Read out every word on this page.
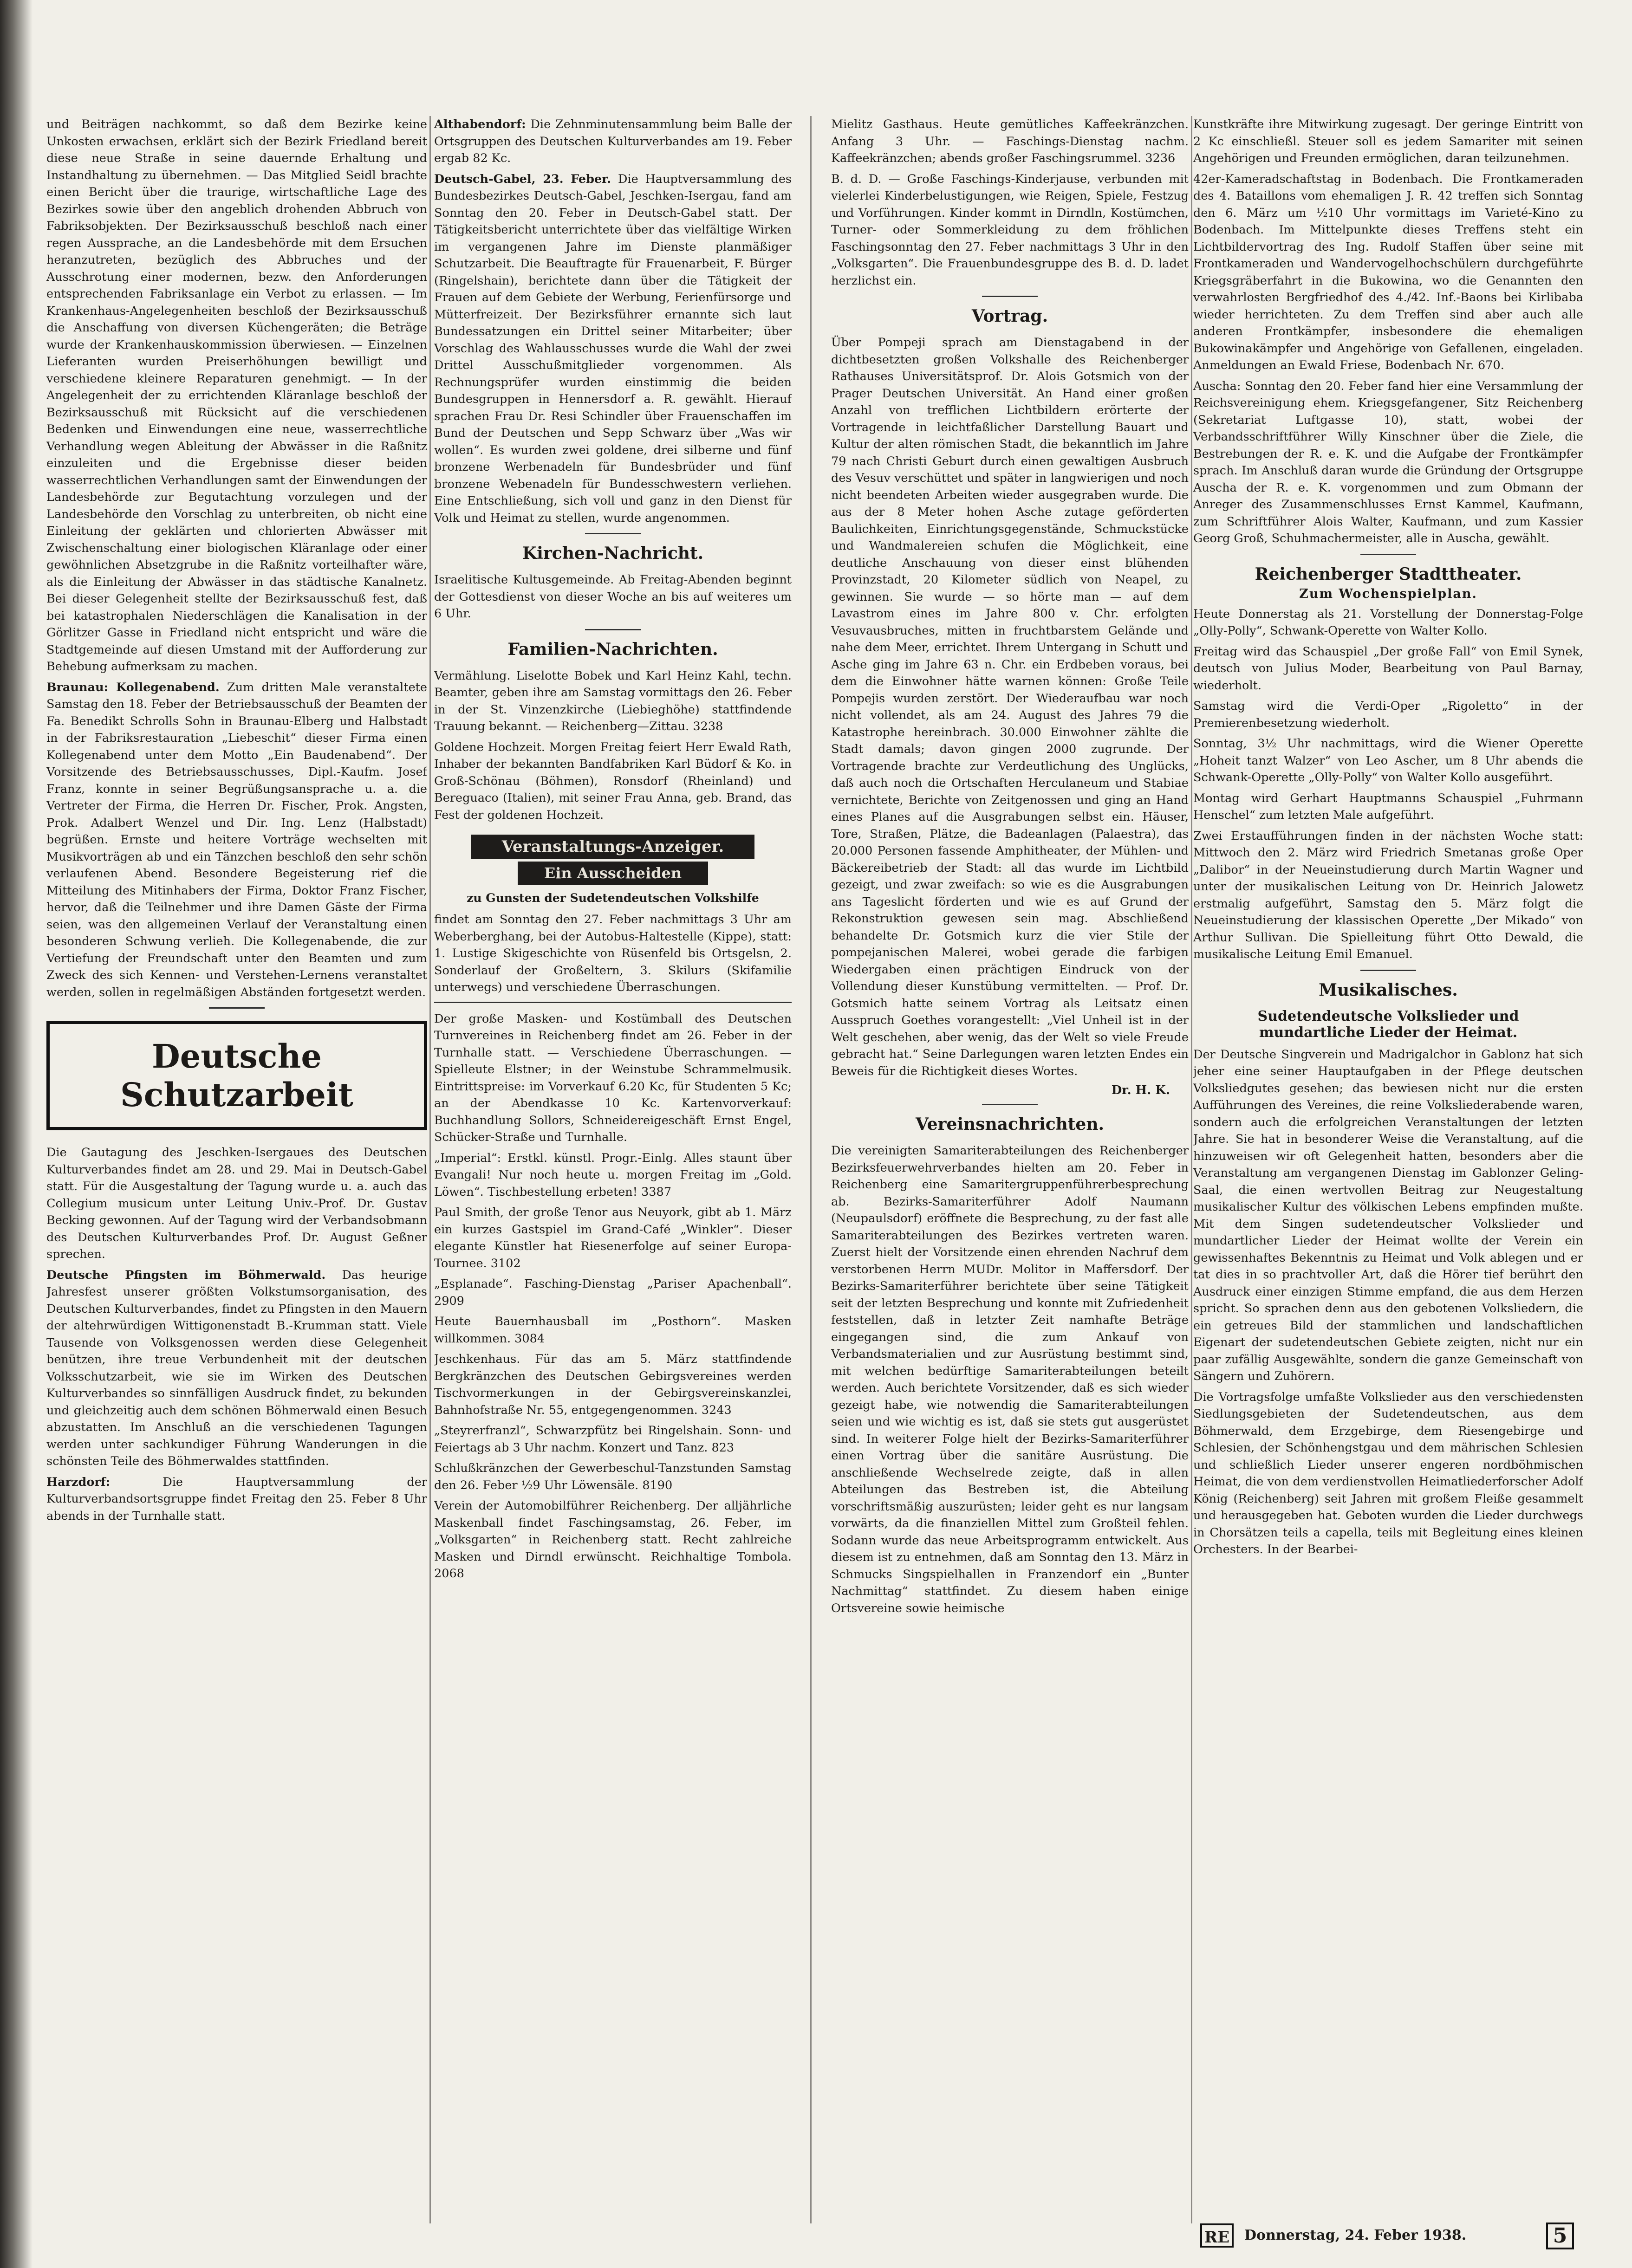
und Beiträgen nachkommt, so daß dem Bezirke keine Unkosten erwachsen, erklärt sich der Bezirk Friedland bereit diese neue Straße in seine dauernde Erhaltung und Instandhaltung zu übernehmen. — Das Mitglied Seidl brachte einen Bericht über die traurige, wirtschaftliche Lage des Bezirkes sowie über den angeblich drohenden Abbruch von Fabriksobjekten. Der Bezirksausschuß beschloß nach einer regen Aussprache, an die Landesbehörde mit dem Ersuchen heranzutreten, bezüglich des Abbruches und der Ausschrotung einer modernen, bezw. den Anforderungen entsprechenden Fabriksanlage ein Verbot zu erlassen. — Im Krankenhaus-Angelegenheiten beschloß der Bezirksausschuß die Anschaffung von diversen Küchengeräten; die Beträge wurde der Krankenhauskommission überwiesen. — Einzelnen Lieferanten wurden Preiserhöhungen bewilligt und verschiedene kleinere Reparaturen genehmigt. — In der Angelegenheit der zu errichtenden Kläranlage beschloß der Bezirksausschuß mit Rücksicht auf die verschiedenen Bedenken und Einwendungen eine neue, wasserrechtliche Verhandlung wegen Ableitung der Abwässer in die Raßnitz einzuleiten und die Ergebnisse dieser beiden wasserrechtlichen Verhandlungen samt der Einwendungen der Landesbehörde zur Begutachtung vorzulegen und der Landesbehörde den Vorschlag zu unterbreiten, ob nicht eine Einleitung der geklärten und chlorierten Abwässer mit Zwischenschaltung einer biologischen Kläranlage oder einer gewöhnlichen Absetzgrube in die Raßnitz vorteilhafter wäre, als die Einleitung der Abwässer in das städtische Kanalnetz. Bei dieser Gelegenheit stellte der Bezirksausschuß fest, daß bei katastrophalen Niederschlägen die Kanalisation in der Görlitzer Gasse in Friedland nicht entspricht und wäre die Stadtgemeinde auf diesen Umstand mit der Aufforderung zur Behebung aufmerksam zu machen.

Braunau: Kollegenabend. Zum dritten Male veranstaltete Samstag den 18. Feber der Betriebsausschuß der Beamten der Fa. Benedikt Schrolls Sohn in Braunau-Elberg und Halbstadt in der Fabriksrestauration „Liebeschit“ dieser Firma einen Kollegenabend unter dem Motto „Ein Baudenabend“. Der Vorsitzende des Betriebsausschusses, Dipl.-Kaufm. Josef Franz, konnte in seiner Begrüßungsansprache u. a. die Vertreter der Firma, die Herren Dr. Fischer, Prok. Angsten, Prok. Adalbert Wenzel und Dir. Ing. Lenz (Halbstadt) begrüßen. Ernste und heitere Vorträge wechselten mit Musikvorträgen ab und ein Tänzchen beschloß den sehr schön verlaufenen Abend. Besondere Begeisterung rief die Mitteilung des Mitinhabers der Firma, Doktor Franz Fischer, hervor, daß die Teilnehmer und ihre Damen Gäste der Firma seien, was den allgemeinen Verlauf der Veranstaltung einen besonderen Schwung verlieh. Die Kollegenabende, die zur Vertiefung der Freundschaft unter den Beamten und zum Zweck des sich Kennen- und Verstehen-Lernens veranstaltet werden, sollen in regelmäßigen Abständen fortgesetzt werden.

Deutsche Schutzarbeit

Die Gautagung des Jeschken-Isergaues des Deutschen Kulturverbandes findet am 28. und 29. Mai in Deutsch-Gabel statt. Für die Ausgestaltung der Tagung wurde u. a. auch das Collegium musicum unter Leitung Univ.-Prof. Dr. Gustav Becking gewonnen. Auf der Tagung wird der Verbandsobmann des Deutschen Kulturverbandes Prof. Dr. August Geßner sprechen.

Deutsche Pfingsten im Böhmerwald. Das heurige Jahresfest unserer größten Volkstumsorganisation, des Deutschen Kulturverbandes, findet zu Pfingsten in den Mauern der altehrwürdigen Wittigonenstadt B.-Krumman statt. Viele Tausende von Volksgenossen werden diese Gelegenheit benützen, ihre treue Verbundenheit mit der deutschen Volksschutzarbeit, wie sie im Wirken des Deutschen Kulturverbandes so sinnfälligen Ausdruck findet, zu bekunden und gleichzeitig auch dem schönen Böhmerwald einen Besuch abzustatten. Im Anschluß an die verschiedenen Tagungen werden unter sachkundiger Führung Wanderungen in die schönsten Teile des Böhmerwaldes stattfinden.

Harzdorf:	Die Hauptversammlung der Kulturverbandsortsgruppe findet Freitag den 25. Feber 8 Uhr abends in der Turnhalle statt.

Althabendorf: Die Zehnminutensammlung beim Balle der Ortsgruppen des Deutschen Kulturverbandes am 19. Feber ergab 82 Kc.

Deutsch-Gabel, 23. Feber. Die Hauptversammlung des Bundesbezirkes Deutsch-Gabel, Jeschken-Isergau, fand am Sonntag den 20. Feber in Deutsch-Gabel statt. Der Tätigkeitsbericht unterrichtete über das vielfältige Wirken im vergangenen Jahre im Dienste planmäßiger Schutzarbeit. Die Beauftragte für Frauenarbeit, F. Bürger (Ringelshain), berichtete dann über die Tätigkeit der Frauen auf dem Gebiete der Werbung, Ferienfürsorge und Mütterfreizeit. Der Bezirksführer ernannte sich laut Bundessatzungen ein Drittel seiner Mitarbeiter; über Vorschlag des Wahlausschusses wurde die Wahl der zwei Drittel Ausschußmitglieder vorgenommen. Als Rechnungsprüfer wurden einstimmig die beiden Bundesgruppen in Hennersdorf a. R. gewählt. Hierauf sprachen Frau Dr. Resi Schindler über Frauenschaffen im Bund der Deutschen und Sepp Schwarz über „Was wir wollen“. Es wurden zwei goldene, drei silberne und fünf bronzene Werbenadeln für Bundesbrüder und fünf bronzene Webenadeln für Bundesschwestern verliehen. Eine Entschließung, sich voll und ganz in den Dienst für Volk und Heimat zu stellen, wurde angenommen.

Kirchen-Nachricht.

Israelitische Kultusgemeinde. Ab Freitag-Abenden beginnt der Gottesdienst von dieser Woche an bis auf weiteres um 6 Uhr.

Familien-Nachrichten.

Vermählung. Liselotte Bobek und Karl Heinz Kahl, techn. Beamter, geben ihre am Samstag vormittags den 26. Feber in der St. Vinzenzkirche (Liebieghöhe) stattfindende Trauung bekannt. — Reichenberg—Zittau. 3238

Goldene Hochzeit. Morgen Freitag feiert Herr Ewald Rath, Inhaber der bekannten Bandfabriken Karl Büdorf & Ko. in Groß-Schönau (Böhmen), Ronsdorf (Rheinland) und Bereguaco (Italien), mit seiner Frau Anna, geb. Brand, das Fest der goldenen Hochzeit.

Veranstaltungs-Anzeiger.
Ein Ausscheiden
zu Gunsten der Sudetendeutschen Volkshilfe

findet am Sonntag den 27. Feber nachmittags 3 Uhr am Weberberghang, bei der Autobus-Haltestelle (Kippe), statt: 1. Lustige Skigeschichte von Rüsenfeld bis Ortsgelsn, 2. Sonderlauf der Großeltern, 3. Skilurs (Skifamilie unterwegs) und verschiedene Überraschungen.

Der große Masken- und Kostümball des Deutschen Turnvereines in Reichenberg findet am 26. Feber in der Turnhalle statt. — Verschiedene Überraschungen. — Spielleute Elstner; in der Weinstube Schrammelmusik. Eintrittspreise: im Vorverkauf 6.20 Kc, für Studenten 5 Kc; an der Abendkasse 10 Kc. Kartenvorverkauf: Buchhandlung Sollors, Schneidereigeschäft Ernst Engel, Schücker-Straße und Turnhalle.

„Imperial“: Erstkl. künstl. Progr.-Einlg. Alles staunt über Evangali! Nur noch heute u. morgen Freitag im „Gold. Löwen“. Tischbestellung erbeten! 3387

Paul Smith, der große Tenor aus Neuyork, gibt ab 1. März ein kurzes Gastspiel im Grand-Café „Winkler“. Dieser elegante Künstler hat Riesenerfolge auf seiner Europa-Tournee. 3102

„Esplanade“. Fasching-Dienstag „Pariser Apachenball“. 2909

Heute Bauernhausball im „Posthorn“. Masken willkommen. 3084

Jeschkenhaus. Für das am 5. März stattfindende Bergkränzchen des Deutschen Gebirgsvereines werden Tischvormerkungen in der Gebirgsvereinskanzlei, Bahnhofstraße Nr. 55, entgegengenommen. 3243

„Steyrerfranzl“, Schwarzpfütz bei Ringelshain. Sonn- und Feiertags ab 3 Uhr nachm. Konzert und Tanz. 823

Schlußkränzchen der Gewerbeschul-Tanzstunden Samstag den 26. Feber ½9 Uhr Löwensäle. 8190

Verein der Automobilführer Reichenberg. Der alljährliche Maskenball findet Faschingsamstag, 26. Feber, im „Volksgarten“ in Reichenberg statt. Recht zahlreiche Masken und Dirndl erwünscht. Reichhaltige Tombola. 2068

Mielitz Gasthaus. Heute gemütliches Kaffeekränzchen. Anfang 3 Uhr. — Faschings-Dienstag nachm. Kaffeekränzchen; abends großer Faschingsrummel. 3236

B. d. D. — Große Faschings-Kinderjause, verbunden mit vielerlei Kinderbelustigungen, wie Reigen, Spiele, Festzug und Vorführungen. Kinder kommt in Dirndln, Kostümchen, Turner- oder Sommerkleidung zu dem fröhlichen Faschingsonntag den 27. Feber nachmittags 3 Uhr in den „Volksgarten“. Die Frauenbundesgruppe des B. d. D. ladet herzlichst ein.

Vortrag.

Über Pompeji sprach am Dienstagabend in der dichtbesetzten großen Volkshalle des Reichenberger Rathauses Universitätsprof. Dr. Alois Gotsmich von der Prager Deutschen Universität. An Hand einer großen Anzahl von trefflichen Lichtbildern erörterte der Vortragende in leichtfaßlicher Darstellung Bauart und Kultur der alten römischen Stadt, die bekanntlich im Jahre 79 nach Christi Geburt durch einen gewaltigen Ausbruch des Vesuv verschüttet und später in langwierigen und noch nicht beendeten Arbeiten wieder ausgegraben wurde. Die aus der 8 Meter hohen Asche zutage geförderten Baulichkeiten, Einrichtungsgegenstände, Schmuckstücke und Wandmalereien schufen die Möglichkeit, eine deutliche Anschauung von dieser einst blühenden Provinzstadt, 20 Kilometer südlich von Neapel, zu gewinnen. Sie wurde — so hörte man — auf dem Lavastrom eines im Jahre 800 v. Chr. erfolgten Vesuvausbruches, mitten in fruchtbarstem Gelände und nahe dem Meer, errichtet. Ihrem Untergang in Schutt und Asche ging im Jahre 63 n. Chr. ein Erdbeben voraus, bei dem die Einwohner hätte warnen können: Große Teile Pompejis wurden zerstört. Der Wiederaufbau war noch nicht vollendet, als am 24. August des Jahres 79 die Katastrophe hereinbrach. 30.000 Einwohner zählte die Stadt damals; davon gingen 2000 zugrunde. Der Vortragende brachte zur Verdeutlichung des Unglücks, daß auch noch die Ortschaften Herculaneum und Stabiae vernichtete, Berichte von Zeitgenossen und ging an Hand eines Planes auf die Ausgrabungen selbst ein. Häuser, Tore, Straßen, Plätze, die Badeanlagen (Palaestra), das 20.000 Personen fassende Amphitheater, der Mühlen- und Bäckereibetrieb der Stadt: all das wurde im Lichtbild gezeigt, und zwar zweifach: so wie es die Ausgrabungen ans Tageslicht förderten und wie es auf Grund der Rekonstruktion gewesen sein mag. Abschließend behandelte Dr. Gotsmich kurz die vier Stile der pompejanischen Malerei, wobei gerade die farbigen Wiedergaben einen prächtigen Eindruck von der Vollendung dieser Kunstübung vermittelten. — Prof. Dr. Gotsmich hatte seinem Vortrag als Leitsatz einen Ausspruch Goethes vorangestellt: „Viel Unheil ist in der Welt geschehen, aber wenig, das der Welt so viele Freude gebracht hat.“ Seine Darlegungen waren letzten Endes ein Beweis für die Richtigkeit dieses Wortes.

Dr. H. K.
Vereinsnachrichten.

Die vereinigten Samariterabteilungen des Reichenberger Bezirksfeuerwehrverbandes hielten am 20. Feber in Reichenberg eine Samaritergruppenführerbesprechung ab. Bezirks-Samariterführer Adolf Naumann (Neupaulsdorf) eröffnete die Besprechung, zu der fast alle Samariterabteilungen des Bezirkes vertreten waren. Zuerst hielt der Vorsitzende einen ehrenden Nachruf dem verstorbenen Herrn MUDr. Molitor in Maffersdorf. Der Bezirks-Samariterführer berichtete über seine Tätigkeit seit der letzten Besprechung und konnte mit Zufriedenheit feststellen, daß in letzter Zeit namhafte Beträge eingegangen sind, die zum Ankauf von Verbandsmaterialien und zur Ausrüstung bestimmt sind, mit welchen bedürftige Samariterabteilungen beteilt werden. Auch berichtete Vorsitzender, daß es sich wieder gezeigt habe, wie notwendig die Samariterabteilungen seien und wie wichtig es ist, daß sie stets gut ausgerüstet sind. In weiterer Folge hielt der Bezirks-Samariterführer einen Vortrag über die sanitäre Ausrüstung. Die anschließende Wechselrede zeigte, daß in allen Abteilungen das Bestreben ist, die Abteilung vorschriftsmäßig auszurüsten; leider geht es nur langsam vorwärts, da die finanziellen Mittel zum Großteil fehlen. Sodann wurde das neue Arbeitsprogramm entwickelt. Aus diesem ist zu entnehmen, daß am Sonntag den 13. März in Schmucks Singspielhallen in Franzendorf ein „Bunter Nachmittag“ stattfindet. Zu diesem haben einige Ortsvereine sowie heimische

Kunstkräfte ihre Mitwirkung zugesagt. Der geringe Eintritt von 2 Kc einschließl. Steuer soll es jedem Samariter mit seinen Angehörigen und Freunden ermöglichen, daran teilzunehmen.

42er-Kameradschaftstag in Bodenbach. Die Frontkameraden des 4. Bataillons vom ehemaligen J. R. 42 treffen sich Sonntag den 6. März um ½10 Uhr vormittags im Varieté-Kino zu Bodenbach. Im Mittelpunkte dieses Treffens steht ein Lichtbildervortrag des Ing. Rudolf Staffen über seine mit Frontkameraden und Wandervogelhochschülern durchgeführte Kriegsgräberfahrt in die Bukowina, wo die Genannten den verwahrlosten Bergfriedhof des 4./42. Inf.-Baons bei Kirlibaba wieder herrichteten. Zu dem Treffen sind aber auch alle anderen Frontkämpfer, insbesondere die ehemaligen Bukowinakämpfer und Angehörige von Gefallenen, eingeladen. Anmeldungen an Ewald Friese, Bodenbach Nr. 670.

Auscha: Sonntag den 20. Feber fand hier eine Versammlung der Reichsvereinigung ehem. Kriegsgefangener, Sitz Reichenberg (Sekretariat Luftgasse 10), statt, wobei der Verbandsschriftführer Willy Kinschner über die Ziele, die Bestrebungen der R. e. K. und die Aufgabe der Frontkämpfer sprach. Im Anschluß daran wurde die Gründung der Ortsgruppe Auscha der R. e. K. vorgenommen und zum Obmann der Anreger des Zusammenschlusses Ernst Kammel, Kaufmann, zum Schriftführer Alois Walter, Kaufmann, und zum Kassier Georg Groß, Schuhmachermeister, alle in Auscha, gewählt.

Reichenberger Stadttheater.
Zum Wochenspielplan.

Heute Donnerstag als 21. Vorstellung der Donnerstag-Folge „Olly-Polly“, Schwank-Operette von Walter Kollo.

Freitag wird das Schauspiel „Der große Fall“ von Emil Synek, deutsch von Julius Moder, Bearbeitung von Paul Barnay, wiederholt.

Samstag wird die Verdi-Oper „Rigoletto“ in der Premierenbesetzung wiederholt.

Sonntag, 3½ Uhr nachmittags, wird die Wiener Operette „Hoheit tanzt Walzer“ von Leo Ascher, um 8 Uhr abends die Schwank-Operette „Olly-Polly“ von Walter Kollo ausgeführt.

Montag wird Gerhart Hauptmanns Schauspiel „Fuhrmann Henschel“ zum letzten Male aufgeführt.

Zwei Erstaufführungen finden in der nächsten Woche statt: Mittwoch den 2. März wird Friedrich Smetanas große Oper „Dalibor“ in der Neueinstudierung durch Martin Wagner und unter der musikalischen Leitung von Dr. Heinrich Jalowetz erstmalig aufgeführt, Samstag den 5. März folgt die Neueinstudierung der klassischen Operette „Der Mikado“ von Arthur Sullivan. Die Spielleitung führt Otto Dewald, die musikalische Leitung Emil Emanuel.

Musikalisches.
Sudetendeutsche Volkslieder und
mundartliche Lieder der Heimat.

Der Deutsche Singverein und Madrigalchor in Gablonz hat sich jeher eine seiner Hauptaufgaben in der Pflege deutschen Volksliedgutes gesehen; das bewiesen nicht nur die ersten Aufführungen des Vereines, die reine Volksliederabende waren, sondern auch die erfolgreichen Veranstaltungen der letzten Jahre. Sie hat in besonderer Weise die Veranstaltung, auf die hinzuweisen wir oft Gelegenheit hatten, besonders aber die Veranstaltung am vergangenen Dienstag im Gablonzer Geling-Saal, die einen wertvollen Beitrag zur Neugestaltung musikalischer Kultur des völkischen Lebens empfinden mußte. Mit dem Singen sudetendeutscher Volkslieder und mundartlicher Lieder der Heimat wollte der Verein ein gewissenhaftes Bekenntnis zu Heimat und Volk ablegen und er tat dies in so prachtvoller Art, daß die Hörer tief berührt den Ausdruck einer einzigen Stimme empfand, die aus dem Herzen spricht. So sprachen denn aus den gebotenen Volksliedern, die ein getreues Bild der stammlichen und landschaftlichen Eigenart der sudetendeutschen Gebiete zeigten, nicht nur ein paar zufällig Ausgewählte, sondern die ganze Gemeinschaft von Sängern und Zuhörern.

Die Vortragsfolge umfaßte Volkslieder aus den verschiedensten Siedlungsgebieten der Sudetendeutschen, aus dem Böhmerwald, dem Erzgebirge, dem Riesengebirge und Schlesien, der Schönhengstgau und dem mährischen Schlesien und schließlich Lieder unserer engeren nordböhmischen Heimat, die von dem verdienstvollen Heimatliederforscher Adolf König (Reichenberg) seit Jahren mit großem Fleiße gesammelt und herausgegeben hat. Geboten wurden die Lieder durchwegs in Chorsätzen teils a capella, teils mit Begleitung eines kleinen Orchesters. In der Bearbei-

RE Donnerstag, 24. Feber 1938.	5
